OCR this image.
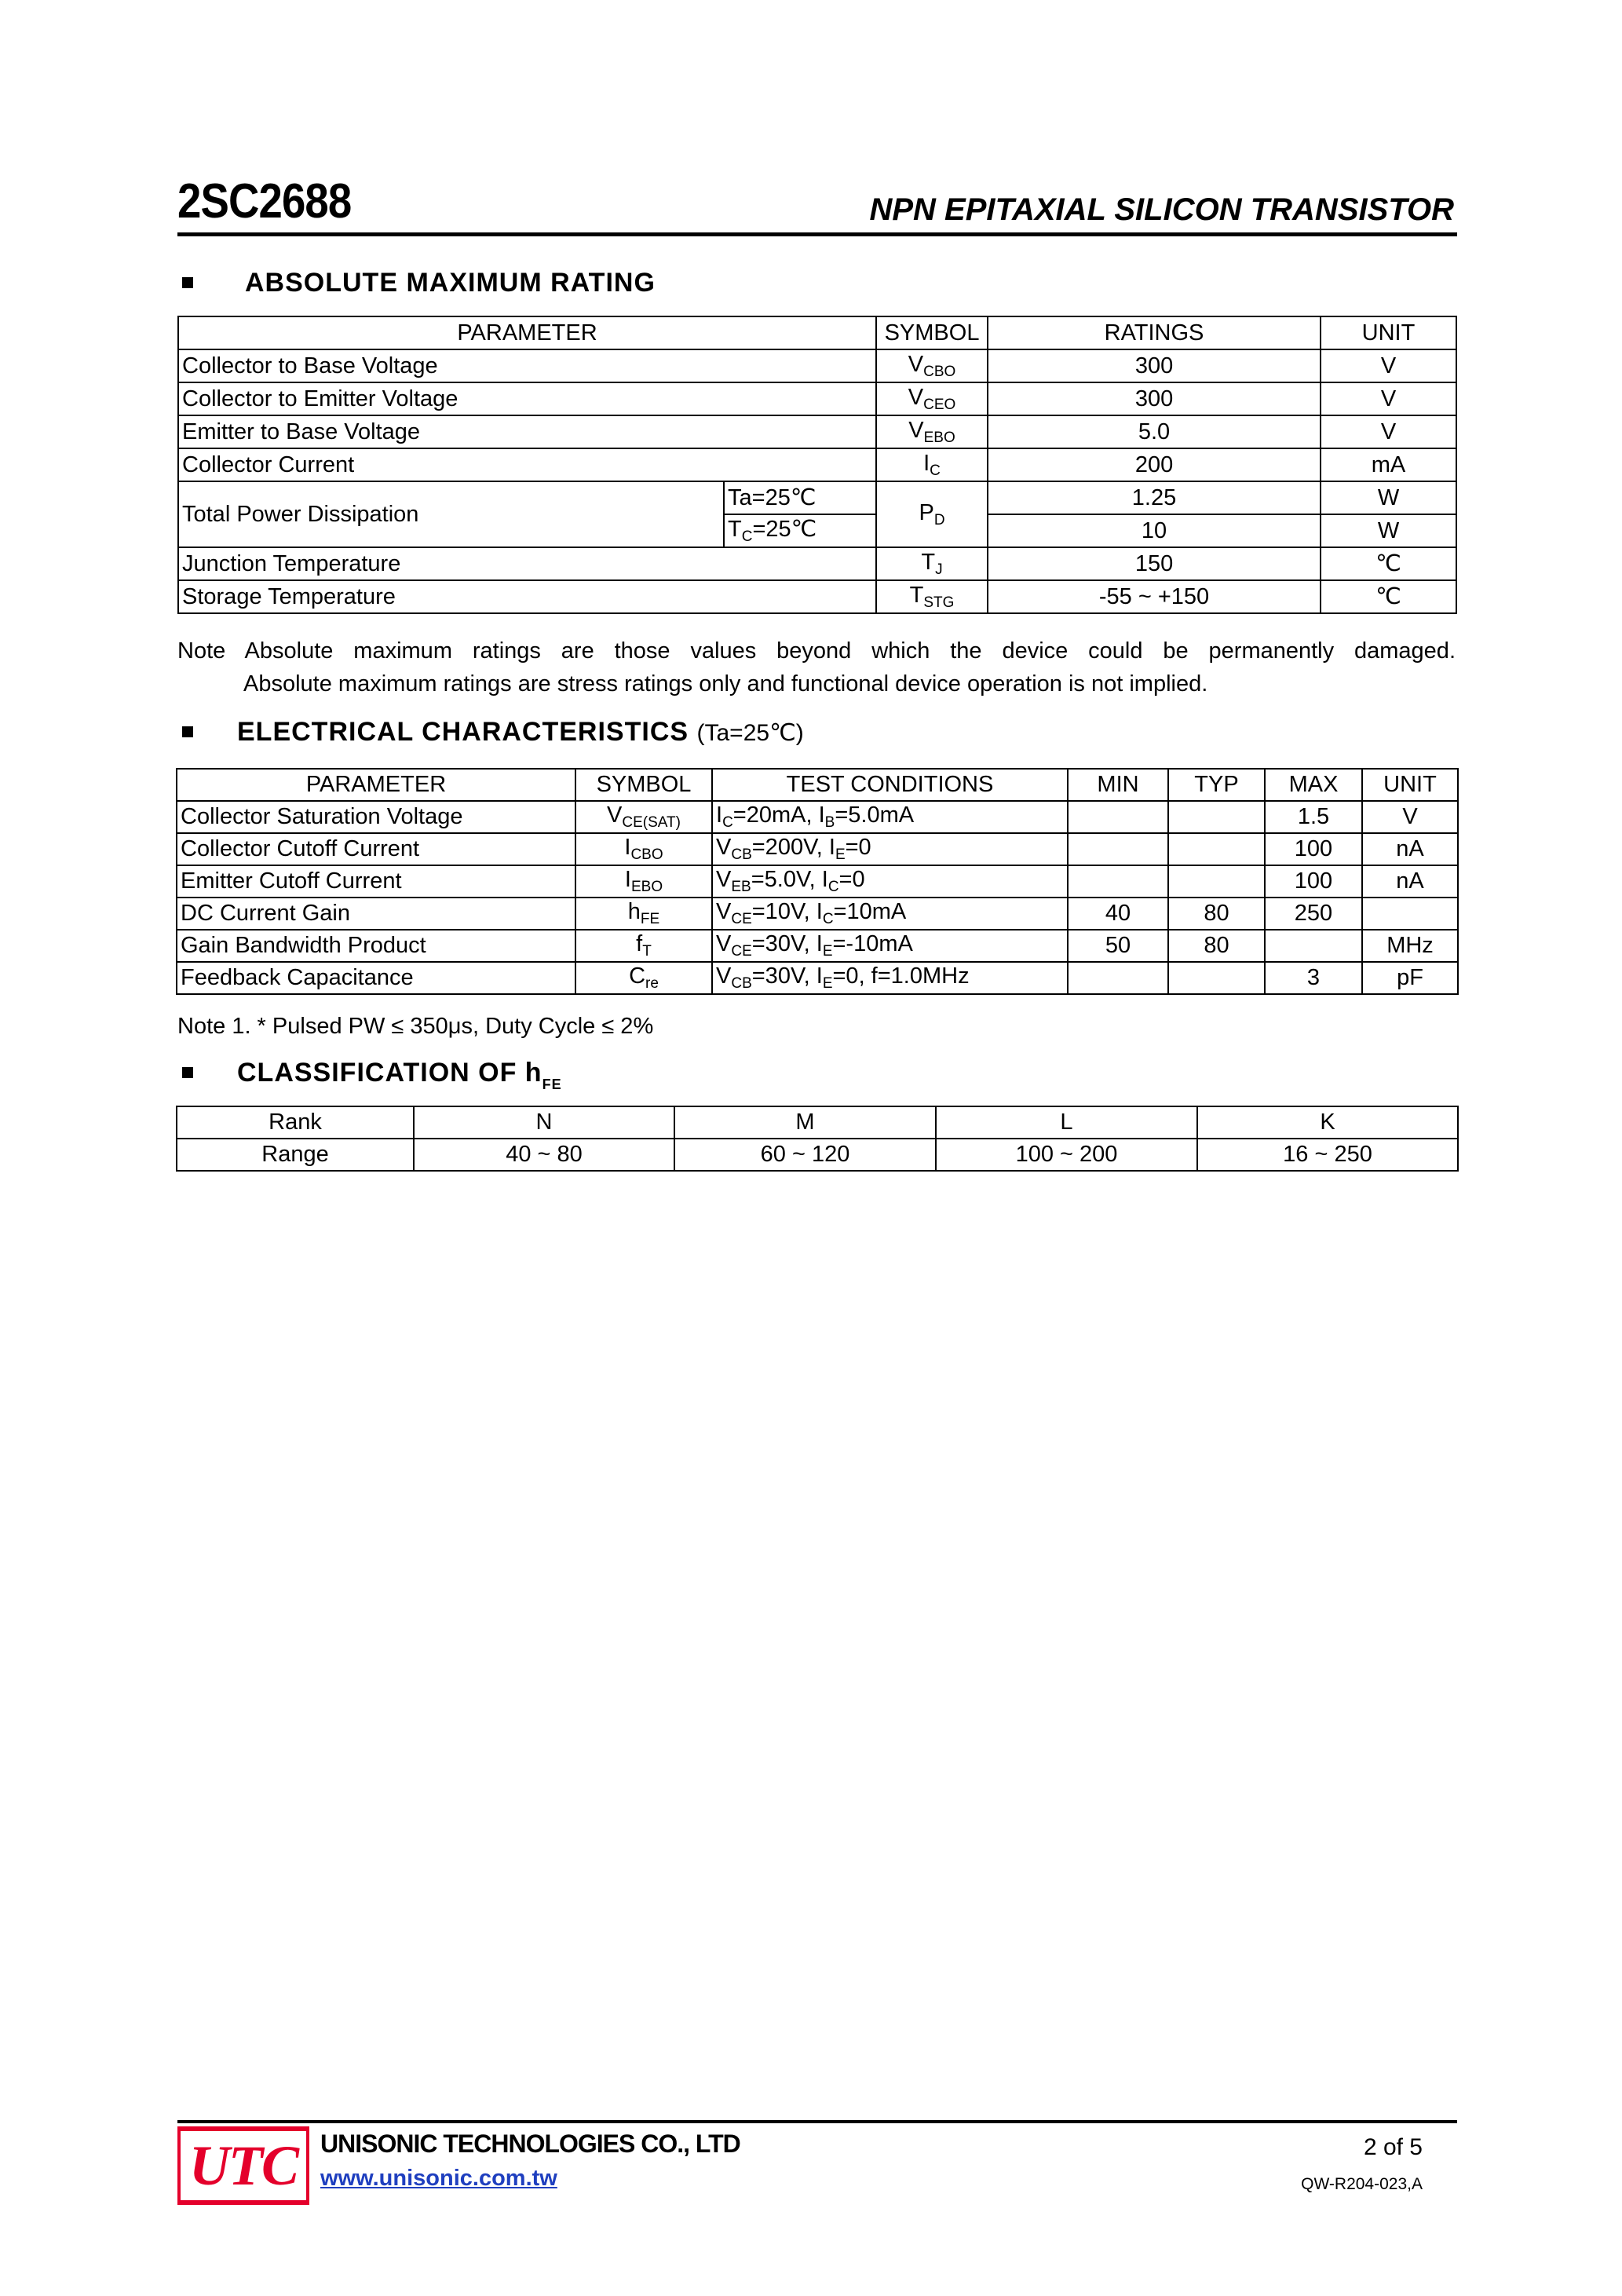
2SC2688	NPN EPITAXIAL SILICON TRANSISTOR
ABSOLUTE MAXIMUM RATING
PARAMETER		SYMBOL	RATINGS	UNIT
Collector to Base Voltage		$V_{CBO}$	300	V
Collector to Emitter Voltage		$V_{CEO}$	300	V
Emitter to Base Voltage		$V_{EBO}$	5.0	V
Collector Current		$I_C$	200	mA
Total Power Dissipation	Ta=25℃	$P_D$	1.25	W
	$T_C=25℃$		10	W
Junction Temperature		$T_J$	150	℃
Storage Temperature		$T_{STG}$	-55 ~ +150	℃
Note Absolute maximum ratings are those values beyond which the device could be permanently damaged.
Absolute maximum ratings are stress ratings only and functional device operation is not implied.
ELECTRICAL CHARACTERISTICS (Ta=25℃)
PARAMETER	SYMBOL	TEST CONDITIONS	MIN	TYP	MAX	UNIT
Collector Saturation Voltage	$V_{CE(SAT)}$	$I_C=20mA$, $I_B=5.0mA$			1.5	V
Collector Cutoff Current	$I_{CBO}$	$V_{CB}=200V$, $I_E=0$			100	nA
Emitter Cutoff Current	$I_{EBO}$	$V_{EB}=5.0V$, $I_C=0$			100	nA
DC Current Gain	$h_{FE}$	$V_{CE}=10V$, $I_C=10mA$	40	80	250	
Gain Bandwidth Product	$f_T$	$V_{CE}=30V$, $I_E=-10mA$	50	80		MHz
Feedback Capacitance	$C_{re}$	$V_{CB}=30V$, $I_E=0$, f=1.0MHz			3	pF
Note 1. * Pulsed PW ≤ 350μs, Duty Cycle ≤ 2%
CLASSIFICATION OF $h_{FE}$
Rank	N	M	L	K
Range	40 ~ 80	60 ~ 120	100 ~ 200	16 ~ 250
UTC UNISONIC TECHNOLOGIES CO., LTD
www.unisonic.com.tw
2 of 5
QW-R204-023,A
